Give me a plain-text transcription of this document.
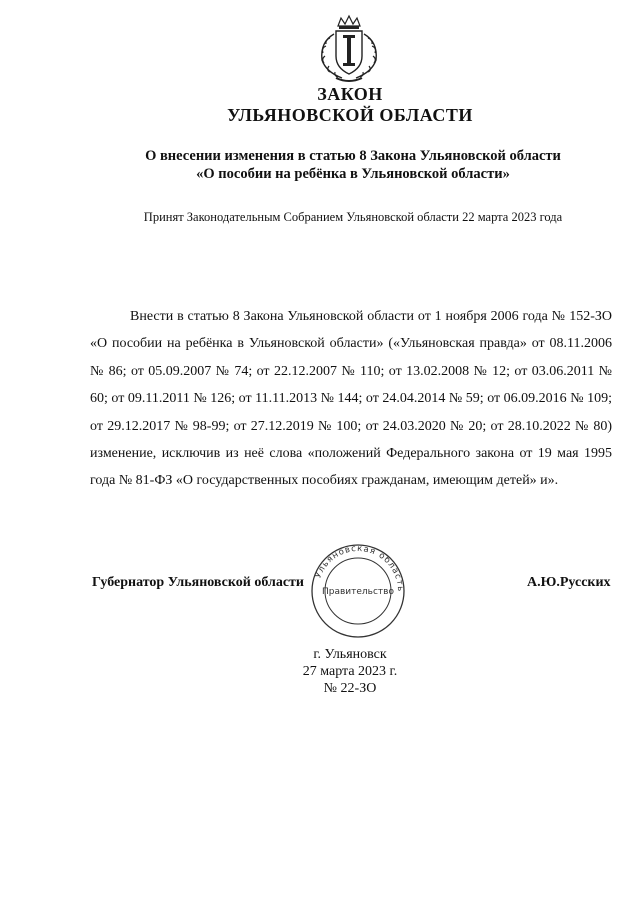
ЗАКОН
УЛЬЯНОВСКОЙ ОБЛАСТИ
О внесении изменения в статью 8 Закона Ульяновской области
«О пособии на ребёнка в Ульяновской области»
Принят Законодательным Собранием Ульяновской области 22 марта 2023 года

Внести в статью 8 Закона Ульяновской области от 1 ноября 2006 года № 152-ЗО «О пособии на ребёнка в Ульяновской области» («Ульяновская правда» от 08.11.2006 № 86; от 05.09.2007 № 74; от 22.12.2007 № 110; от 13.02.2008 № 12; от 03.06.2011 № 60; от 09.11.2011 № 126; от 11.11.2013 № 144; от 24.04.2014 № 59; от 06.09.2016 № 109; от 29.12.2017 № 98-99; от 27.12.2019 № 100; от 24.03.2020 № 20; от 28.10.2022 № 80) изменение, исключив из неё слова «положений Федерального закона от 19 мая 1995 года № 81-ФЗ «О государственных пособиях гражданам, имеющим детей» и».

Ульяновская область
Правительство
Губернатор Ульяновской области	А.Ю.Русских
г. Ульяновск
27 марта 2023 г.
№ 22-ЗО
